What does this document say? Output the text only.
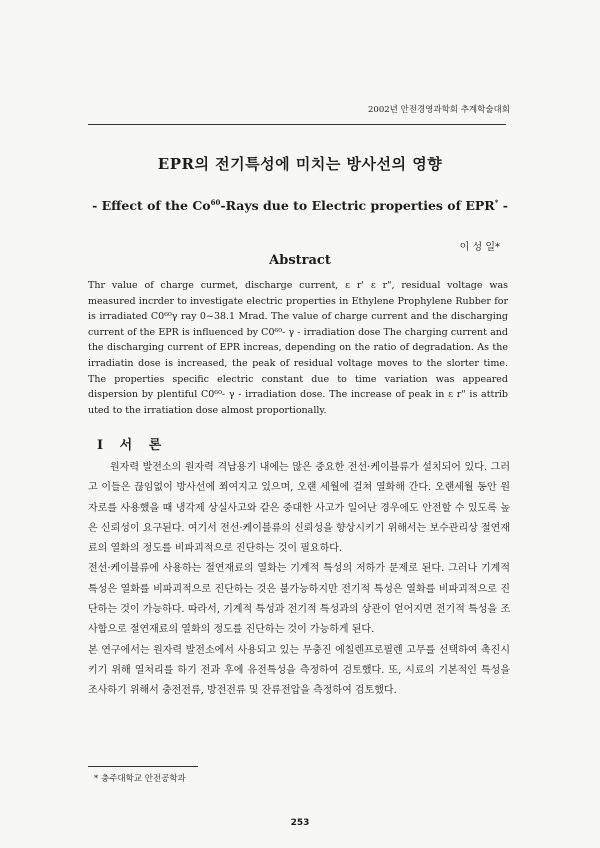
2002년 안전경영과학회 추계학술대회
EPR의 전기특성에 미치는 방사선의 영향
- Effect of the Co$^{60}$-Rays due to Electric properties of EPR* -
이 성 일*
Abstract
Thr value of charge curmet, discharge current, ε r' ε r", residual voltage was measured incrder to investigate electric properties in Ethylene Prophylene Rubber for is irradiated C0⁶⁰γ ray 0~38.1 Mrad. The value of charge current and the discharging current of the EPR is influenced by C0⁶⁰- γ - irradiation dose The charging current and the discharging current of EPR increas, depending on the ratio of degradation. As the irradiatin dose is increased, the peak of residual voltage moves to the slorter time. The properties specific electric constant due to time variation was appeared dispersion by plentiful C0⁶⁰- γ - irradiation dose. The increase of peak in ε r" is attrib uted to the irratiation dose almost proportionally.
Ⅰ 서 론

원자력 발전소의 원자력 격납용기 내에는 많은 중요한 전선·케이블류가 설치되어 있다. 그러고 이들은 끊임없이 방사선에 쬐여지고 있으며, 오랜 세월에 걸쳐 열화해 간다. 오랜세월 동안 원자로를 사용했을 때 냉각제 상실사고와 같은 중대한 사고가 일어난 경우에도 안전할 수 있도록 높은 신뢰성이 요구된다. 여기서 전선·케이블류의 신뢰성을 향상시키기 위해서는 보수관리상 절연재료의 열화의 정도를 비파괴적으로 진단하는 것이 필요하다.

전선·케이블류에 사용하는 절연재료의 열화는 기계적 특성의 저하가 문제로 된다. 그러나 기계적 특성은 열화를 비파괴적으로 진단하는 것은 불가능하지만 전기적 특성은 열화를 비파괴적으로 진단하는 것이 가능하다. 따라서, 기계적 특성과 전기적 특성과의 상관이 얻어지면 전기적 특성을 조사함으로 절연재료의 열화의 정도를 진단하는 것이 가능하게 된다.

본 연구에서는 원자력 발전소에서 사용되고 있는 무충진 에칠렌프로필렌 고무를 선택하여 촉진시키기 위해 열처리를 하기 전과 후에 유전특성을 측정하여 검토했다. 또, 시료의 기본적인 특성을 조사하기 위해서 충전전류, 방전전류 및 잔류전압을 측정하여 검토했다.

* 충주대학교 안전공학과
253
